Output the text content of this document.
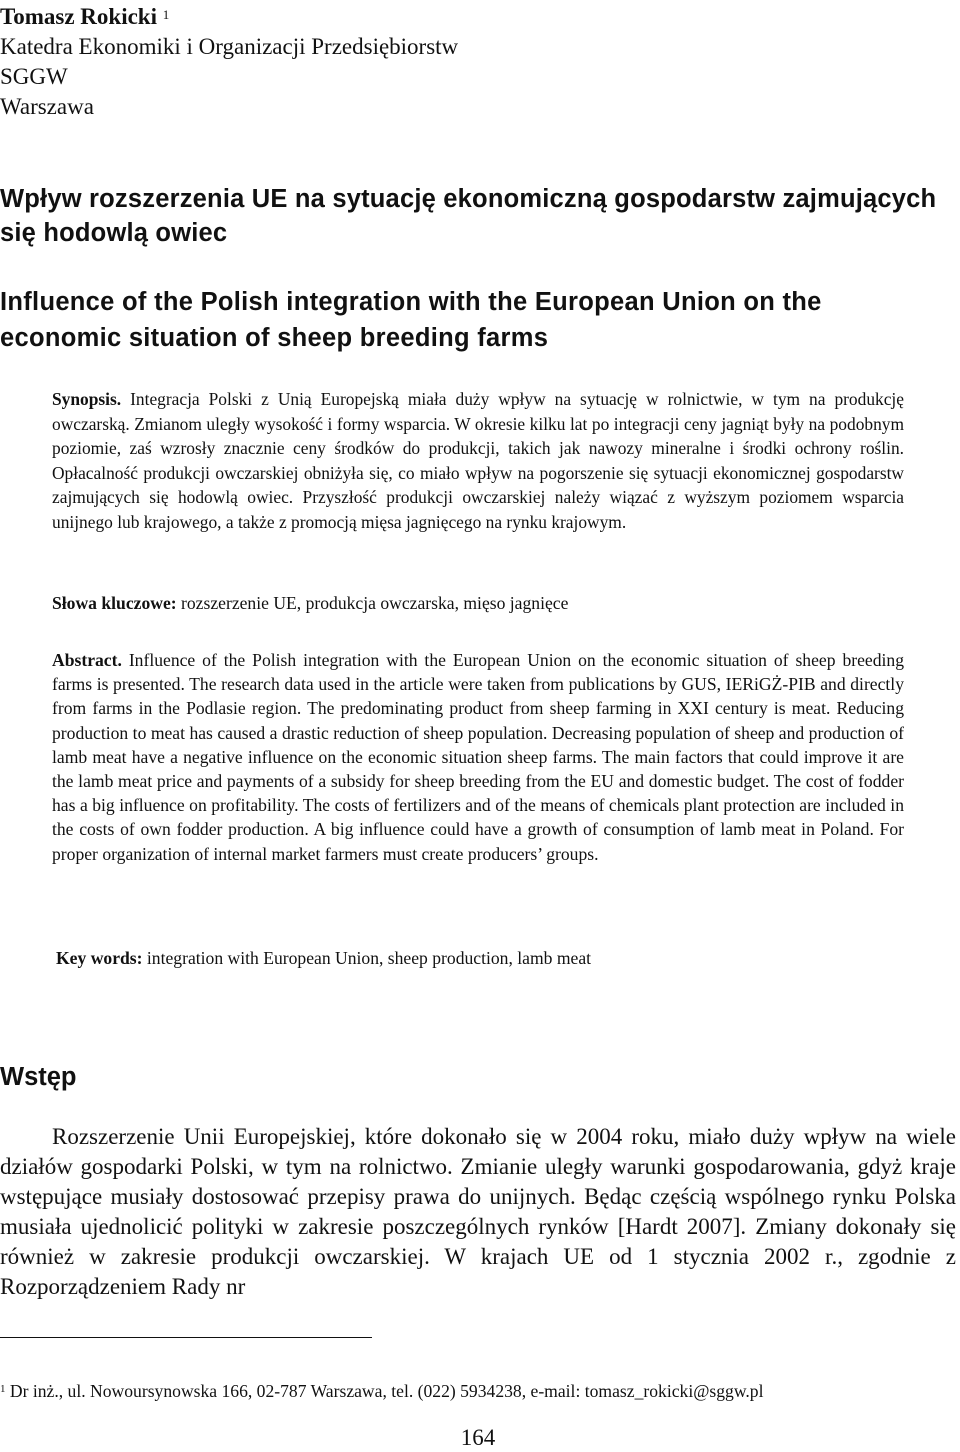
Tomasz Rokicki $^1$
Katedra Ekonomiki i Organizacji Przedsiębiorstw
SGGW
Warszawa
Wpływ rozszerzenia UE na sytuację ekonomiczną gospodarstw zajmujących się hodowlą owiec
Influence of the Polish integration with the European Union on the economic situation of sheep breeding farms
Synopsis. Integracja Polski z Unią Europejską miała duży wpływ na sytuację w rolnictwie, w tym na produkcję owczarską. Zmianom uległy wysokość i formy wsparcia. W okresie kilku lat po integracji ceny jagniąt były na podobnym poziomie, zaś wzrosły znacznie ceny środków do produkcji, takich jak nawozy mineralne i środki ochrony roślin. Opłacalność produkcji owczarskiej obniżyła się, co miało wpływ na pogorszenie się sytuacji ekonomicznej gospodarstw zajmujących się hodowlą owiec. Przyszłość produkcji owczarskiej należy wiązać z wyższym poziomem wsparcia unijnego lub krajowego, a także z promocją mięsa jagnięcego na rynku krajowym.
Słowa kluczowe: rozszerzenie UE, produkcja owczarska, mięso jagnięce
Abstract. Influence of the Polish integration with the European Union on the economic situation of sheep breeding farms is presented. The research data used in the article were taken from publications by GUS, IERiGŻ-PIB and directly from farms in the Podlasie region. The predominating product from sheep farming in XXI century is meat. Reducing production to meat has caused a drastic reduction of sheep population. Decreasing population of sheep and production of lamb meat have a negative influence on the economic situation sheep farms. The main factors that could improve it are the lamb meat price and payments of a subsidy for sheep breeding from the EU and domestic budget. The cost of fodder has a big influence on profitability. The costs of fertilizers and of the means of chemicals plant protection are included in the costs of own fodder production. A big influence could have a growth of consumption of lamb meat in Poland. For proper organization of internal market farmers must create producers’ groups.
Key words: integration with European Union, sheep production, lamb meat
Wstęp
Rozszerzenie Unii Europejskiej, które dokonało się w 2004 roku, miało duży wpływ na wiele działów gospodarki Polski, w tym na rolnictwo. Zmianie uległy warunki gospodarowania, gdyż kraje wstępujące musiały dostosować przepisy prawa do unijnych. Będąc częścią wspólnego rynku Polska musiała ujednolicić polityki w zakresie poszczególnych rynków [Hardt 2007]. Zmiany dokonały się również w zakresie produkcji owczarskiej. W krajach UE od 1 stycznia 2002 r., zgodnie z Rozporządzeniem Rady nr
$^1$ Dr inż., ul. Nowoursynowska 166, 02-787 Warszawa, tel. (022) 5934238, e-mail: tomasz_rokicki@sggw.pl
164
